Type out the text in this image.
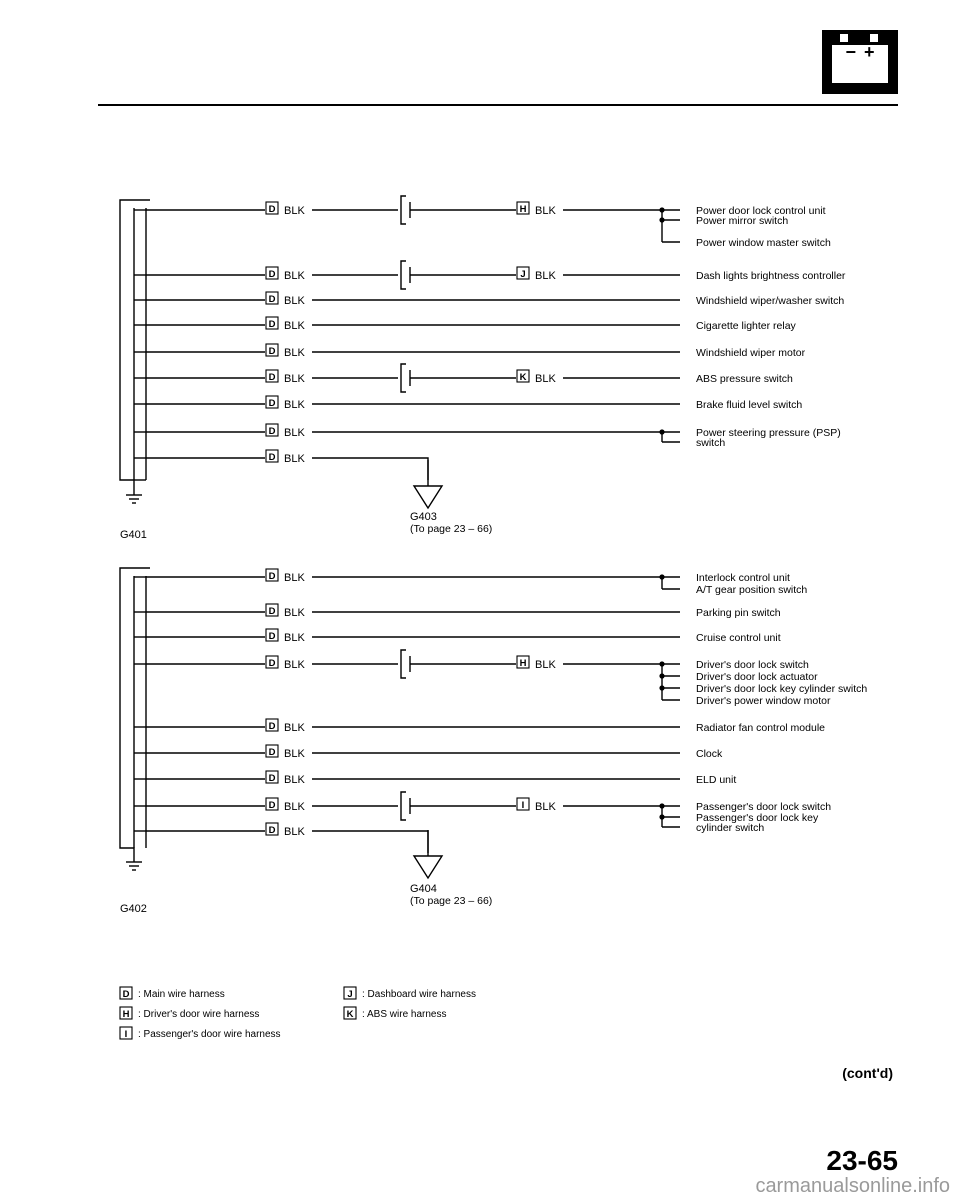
− +
G401
G403
(To page 23 – 66)
D BLK	H BLK	Power door lock control unit
Power mirror switch
Power window master switch
D BLK	J BLK	Dash lights brightness controller
D BLK	Windshield wiper/washer switch
D BLK	Cigarette lighter relay
D BLK	Windshield wiper motor
D BLK	K BLK	ABS pressure switch
D BLK	Brake fluid level switch
D BLK	Power steering pressure (PSP)
switch
D BLK
G402
G404
(To page 23 – 66)
D BLK	Interlock control unit
A/T gear position switch
D BLK	Parking pin switch
D BLK	Cruise control unit
D BLK	H BLK	Driver's door lock switch
Driver's door lock actuator
Driver's door lock key cylinder switch
Driver's power window motor
D BLK	Radiator fan control module
D BLK	Clock
D BLK	ELD unit
D BLK	I BLK	Passenger's door lock switch
Passenger's door lock key
cylinder switch
D BLK
D : Main wire harness
H : Driver's door wire harness
I : Passenger's door wire harness
J : Dashboard wire harness
K : ABS wire harness
(cont'd)
23-65
carmanualsonline.info
